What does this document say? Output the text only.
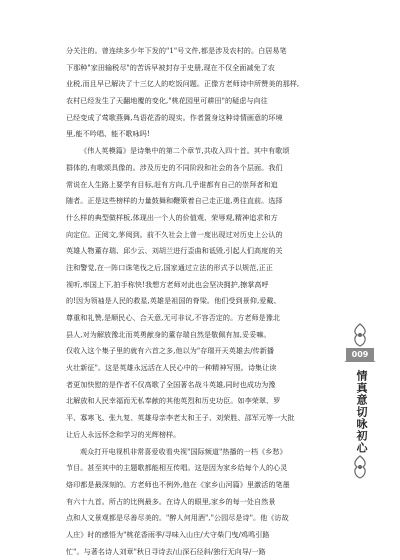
分关注的。曾连续多少年下发的"1"号文件,都是涉及农村的。白居易笔
下那种"家田输税尽"的苦诉早被封存于史册,现在不仅全面减免了农
业税,而且早已解决了十三亿人的吃饭问题。正像方老师诗中所赞美的那样,
农村已经发生了天翻地覆的变化,"桃花园里可耕田"的疑虑与向往
已经变成了莺歌燕舞,鸟语花香的现实。作者置身这种诗情画意的环境
里,能不吟唱、能不歌咏吗!
《伟人英模篇》是诗集中的第二个章节,共收入四十首。其中有歌颂
群体的,有歌颂具像的。涉及历史的不同阶段和社会的各个层面。我们
常说在人生路上要学有目标,赶有方向,几乎谁都有自己的崇拜者和追
随者。正是这些榜样的力量鼓舞和鞭策着自己走正道,勇往直前。选择
什么样的典型做样板,体现出一个人的价值观、荣辱观,精神追求和方
向定位。正阅文,茅阅到。前不久社会上曾一度出现过对历史上公认的
英雄人物董存瑞、邱少云、刘胡兰进行歪曲和诋毁,引起人们高度的关
注和警觉,在一阵口诛笔伐之后,国家通过立法的形式予以规范,正正
视听,率国上下,拍手称快!我想方老师对此也会坚决拥护,擦掌高呼
的!因为领袖是人民的救星,英雄是祖国的脊梁。他们受到景仰,爱戴、
尊重和礼赞,是顺民心、合天意,无可非议,不容否定的。方老师是豫北
县人,对为解放豫北而英勇献身的董存瑞自然是敬佩有加,妥妥嘛。
仅收入这个集子里的就有六首之多,他以为"存瑞开天英雄去/传新播
火壮新征"。这是英雄永远活在人民心中的一种精神写照。诗集让读
者更加快慰的是作者不仅高歌了全国著名战斗英雄,同时也成功为豫
北解放和人民幸福而无私奉献的其他英烈和历史功臣。如李荣翠、罗
平、寡寒飞、张九复、英雄母亲李老太和王子、刘荣胜、邵军元等一大批
让后人永远怀念和学习的光辉榜样。
观众打开电视机非常喜爱收看央视"国际频道"热播的一档《乡愁》
节目。甚至其中的主题歌都能相互传唱。这是因为家乡给每个人的心灵
烙印都是最深刻的。方老师也不例外,他在《家乡山河篇》里激活的笔墨
有六十九首。所占的比例最多。在诗人的眼里,家乡的每一处自然景
点和人文景观都是尽善尽美的。"醉人何用酒","公园尽是诗"。他《访故
人庄》时的感悟为"桃花香雨季/寻味入山庄/犬守柴门曳/鸡鸣引路
忙"。与著名诗人刘章"秋日寻诗去/山深石径斜/独行无向导/一路
009
情真意切咏初心
